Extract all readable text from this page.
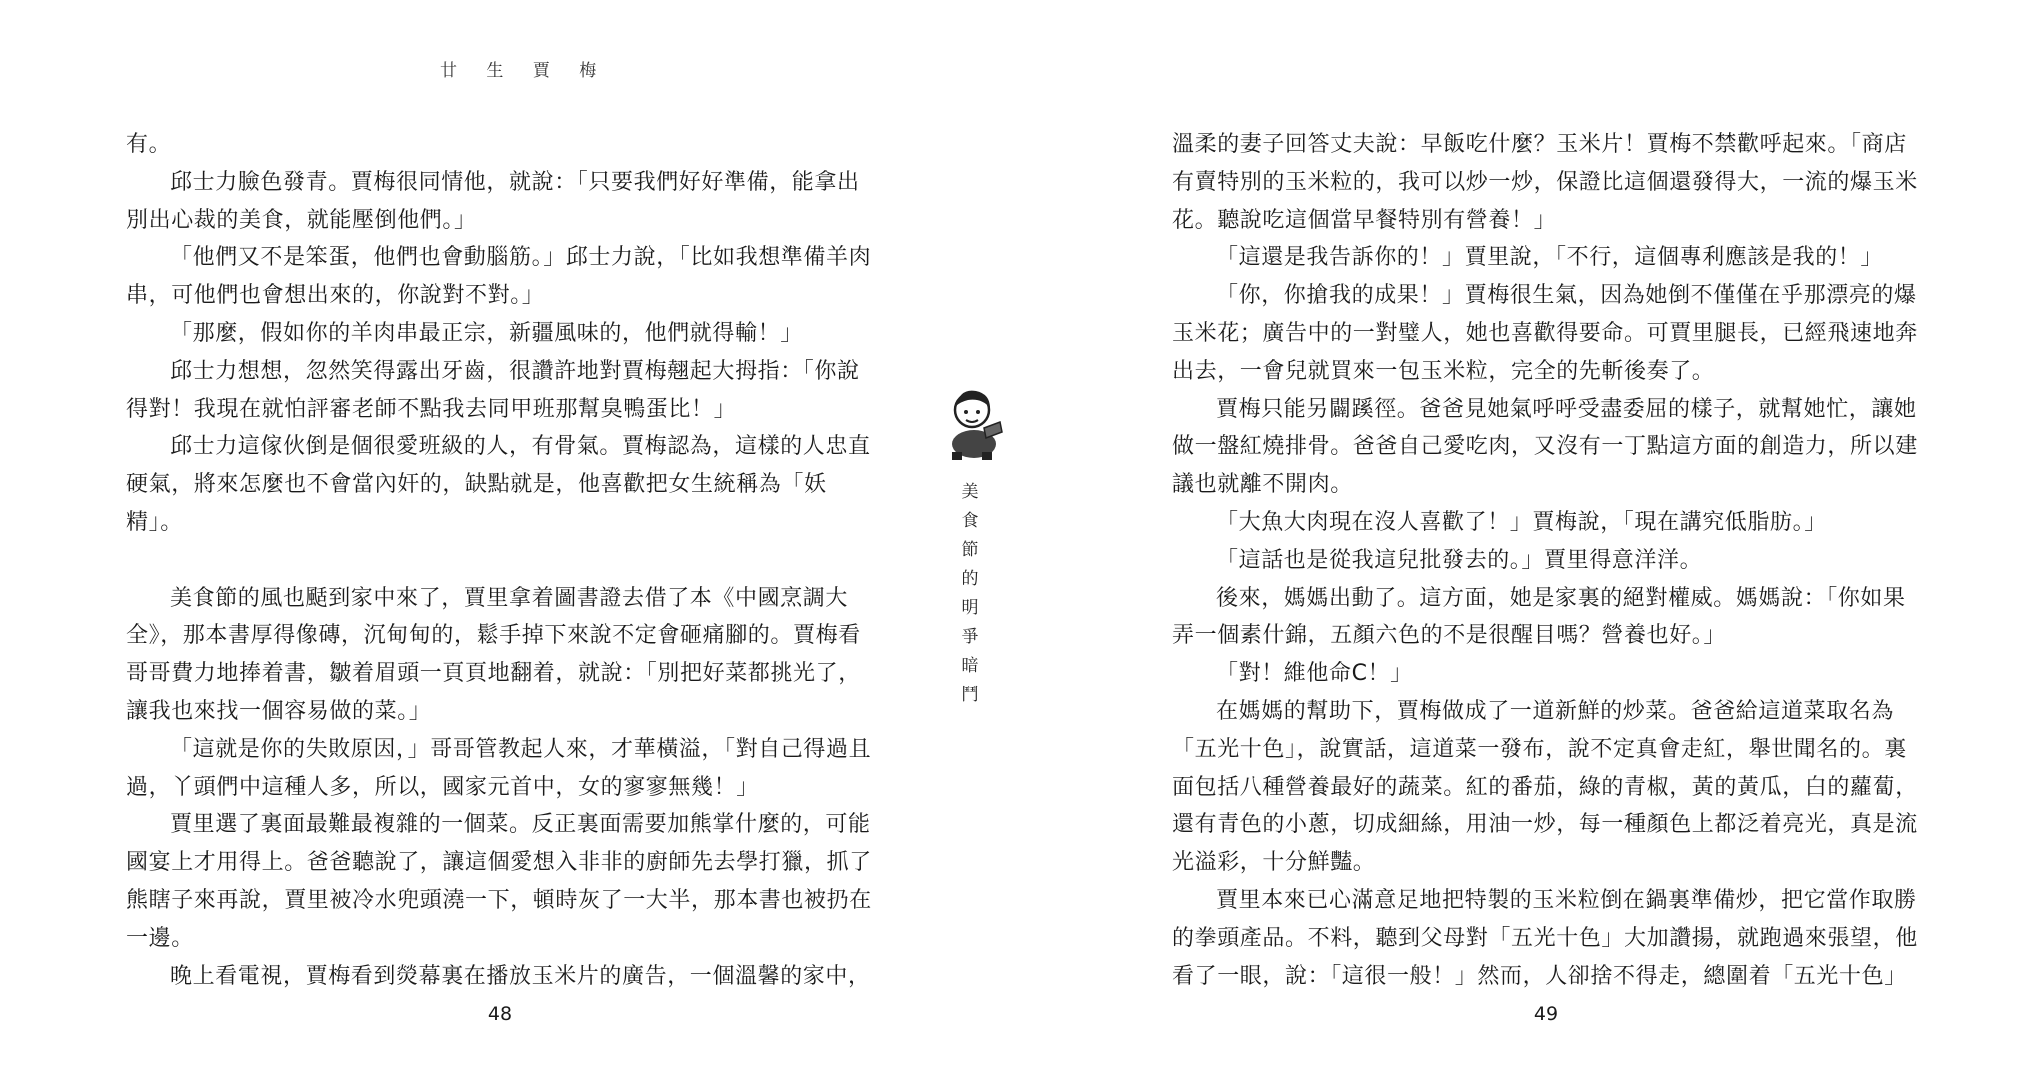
廿 生 賈 梅

有。

邱士力臉色發青。賈梅很同情他，就說：「只要我們好好準備，能拿出別出心裁的美食，就能壓倒他們。」

「他們又不是笨蛋，他們也會動腦筋。」邱士力說，「比如我想準備羊肉串，可他們也會想出來的，你說對不對。」

「那麼，假如你的羊肉串最正宗，新疆風味的，他們就得輸！」

邱士力想想，忽然笑得露出牙齒，很讚許地對賈梅翹起大拇指：「你說得對！我現在就怕評審老師不點我去同甲班那幫臭鴨蛋比！」

邱士力這傢伙倒是個很愛班級的人，有骨氣。賈梅認為，這樣的人忠直硬氣，將來怎麼也不會當內奸的，缺點就是，他喜歡把女生統稱為「妖精」。

美食節的風也颳到家中來了，賈里拿着圖書證去借了本《中國烹調大全》，那本書厚得像磚，沉甸甸的，鬆手掉下來說不定會砸痛腳的。賈梅看哥哥費力地捧着書，皺着眉頭一頁頁地翻着，就說：「別把好菜都挑光了，讓我也來找一個容易做的菜。」

「這就是你的失敗原因，」哥哥管教起人來，才華橫溢，「對自己得過且過，丫頭們中這種人多，所以，國家元首中，女的寥寥無幾！」

賈里選了裏面最難最複雜的一個菜。反正裏面需要加熊掌什麼的，可能國宴上才用得上。爸爸聽說了，讓這個愛想入非非的廚師先去學打獵，抓了熊瞎子來再說，賈里被冷水兜頭澆一下，頓時灰了一大半，那本書也被扔在一邊。

晚上看電視，賈梅看到熒幕裏在播放玉米片的廣告，一個溫馨的家中，

48

溫柔的妻子回答丈夫說：早飯吃什麼？玉米片！賈梅不禁歡呼起來。「商店有賣特別的玉米粒的，我可以炒一炒，保證比這個還發得大，一流的爆玉米花。聽說吃這個當早餐特別有營養！」

「這還是我告訴你的！」賈里說，「不行，這個專利應該是我的！」

「你，你搶我的成果！」賈梅很生氣，因為她倒不僅僅在乎那漂亮的爆玉米花；廣告中的一對璧人，她也喜歡得要命。可賈里腿長，已經飛速地奔出去，一會兒就買來一包玉米粒，完全的先斬後奏了。

賈梅只能另闢蹊徑。爸爸見她氣呼呼受盡委屈的樣子，就幫她忙，讓她做一盤紅燒排骨。爸爸自己愛吃肉，又沒有一丁點這方面的創造力，所以建議也就離不開肉。

「大魚大肉現在沒人喜歡了！」賈梅說，「現在講究低脂肪。」

「這話也是從我這兒批發去的。」賈里得意洋洋。

後來，媽媽出動了。這方面，她是家裏的絕對權威。媽媽說：「你如果弄一個素什錦，五顏六色的不是很醒目嗎？營養也好。」

「對！維他命C！」

在媽媽的幫助下，賈梅做成了一道新鮮的炒菜。爸爸給這道菜取名為「五光十色」，說實話，這道菜一發布，說不定真會走紅，舉世聞名的。裏面包括八種營養最好的蔬菜。紅的番茄，綠的青椒，黃的黃瓜，白的蘿蔔，還有青色的小蔥，切成細絲，用油一炒，每一種顏色上都泛着亮光，真是流光溢彩，十分鮮豔。

賈里本來已心滿意足地把特製的玉米粒倒在鍋裏準備炒，把它當作取勝的拳頭產品。不料，聽到父母對「五光十色」大加讚揚，就跑過來張望，他看了一眼，說：「這很一般！」然而，人卻捨不得走，總圍着「五光十色」

49
美
食
節
的
明
爭
暗
鬥
